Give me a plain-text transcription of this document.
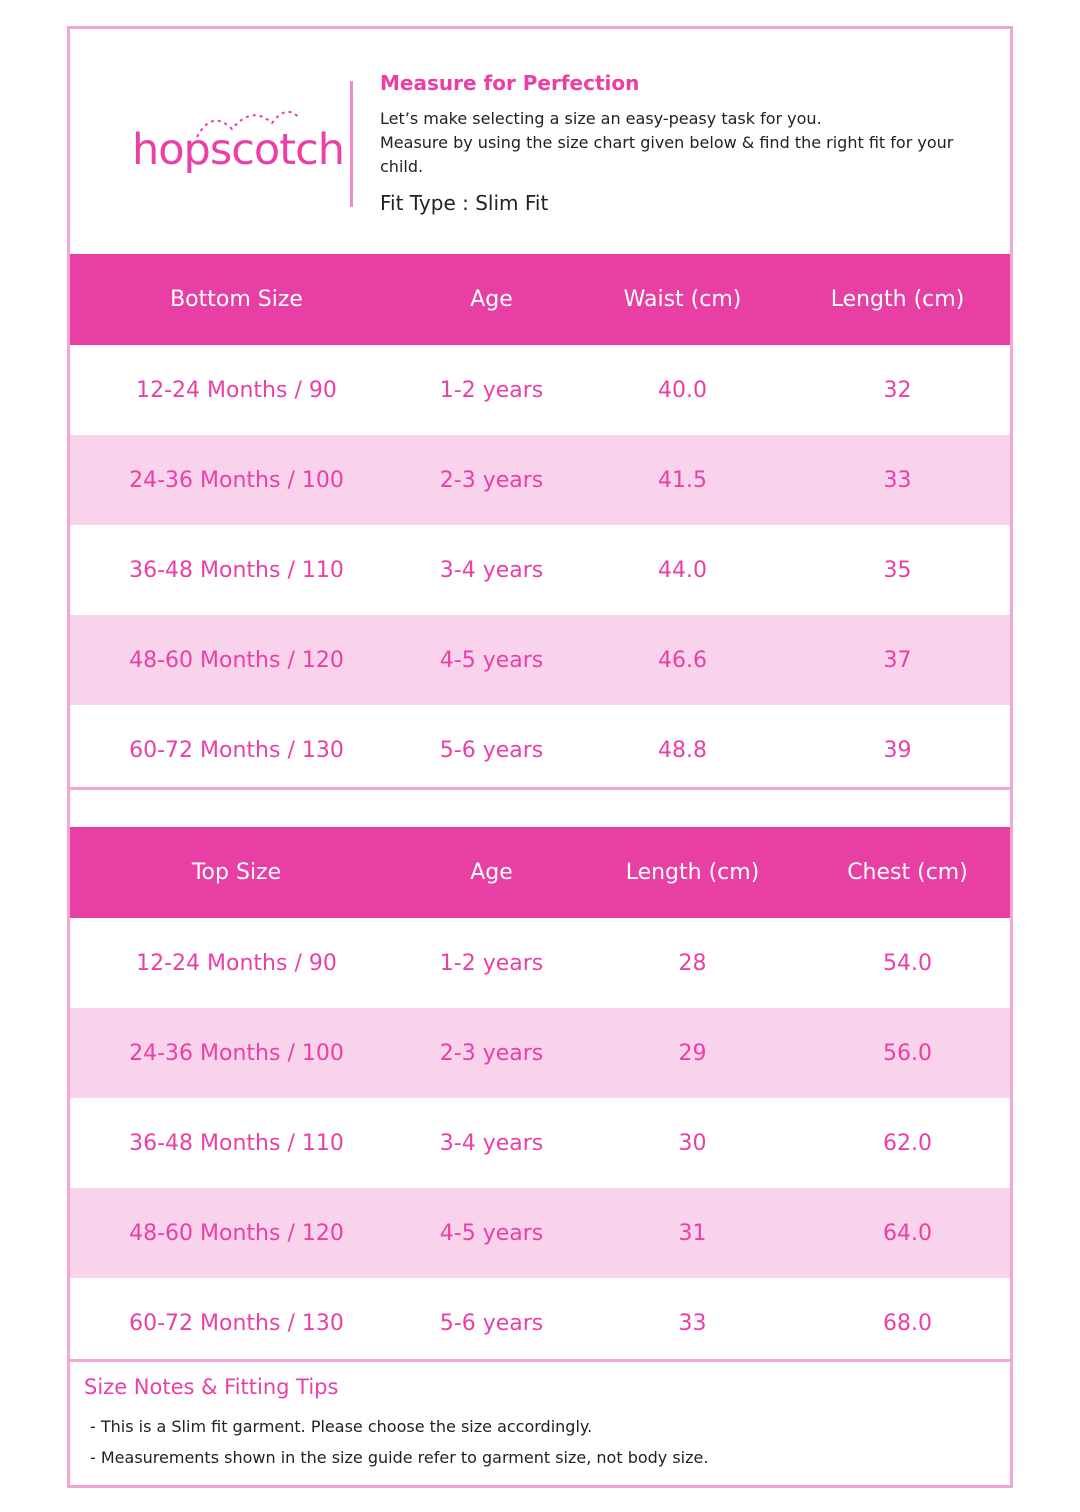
hopscotch

Measure for Perfection

Let’s make selecting a size an easy-peasy task for you.

Measure by using the size chart given below & find the right fit for your child.

Fit Type : Slim Fit
Bottom Size	Age	Waist (cm)	Length (cm)
12-24 Months / 90	1-2 years	40.0	32
24-36 Months / 100	2-3 years	41.5	33
36-48 Months / 110	3-4 years	44.0	35
48-60 Months / 120	4-5 years	46.6	37
60-72 Months / 130	5-6 years	48.8	39
Top Size	Age	Length (cm)	Chest (cm)
12-24 Months / 90	1-2 years	28	54.0
24-36 Months / 100	2-3 years	29	56.0
36-48 Months / 110	3-4 years	30	62.0
48-60 Months / 120	4-5 years	31	64.0
60-72 Months / 130	5-6 years	33	68.0

Size Notes & Fitting Tips

- This is a Slim fit garment. Please choose the size accordingly.
- Measurements shown in the size guide refer to garment size, not body size.
